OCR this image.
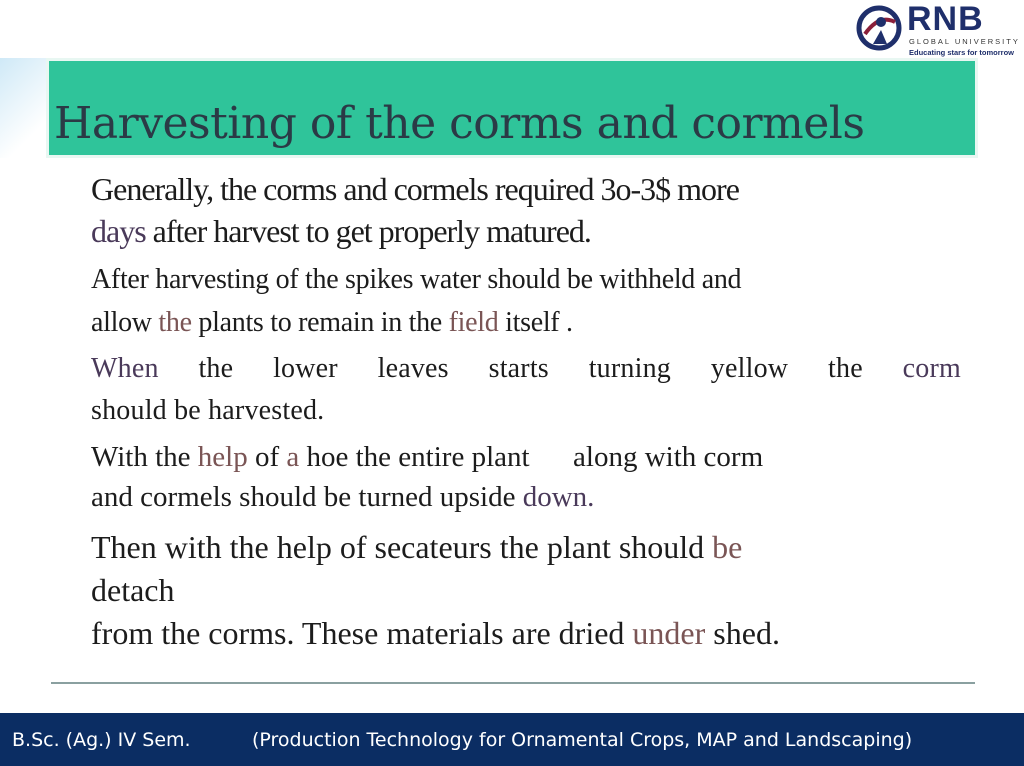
RNB
GLOBAL UNIVERSITY
Educating stars for tomorrow
Harvesting of the corms and cormels
Generally, the corms and cormels required 3o-3$ more
days after harvest to get properly matured.
After harvesting of the spikes water should be withheld and
allow the plants to remain in the field itself .
When the lower leaves starts turning yellow the corm
should be harvested.
With the help of a hoe the entire plant      along with corm
and cormels should be turned upside down.
Then with the help of secateurs the plant should be
detach
from the corms. These materials are dried under shed.
B.Sc. (Ag.) IV Sem.	(Production Technology for Ornamental Crops, MAP and Landscaping)
